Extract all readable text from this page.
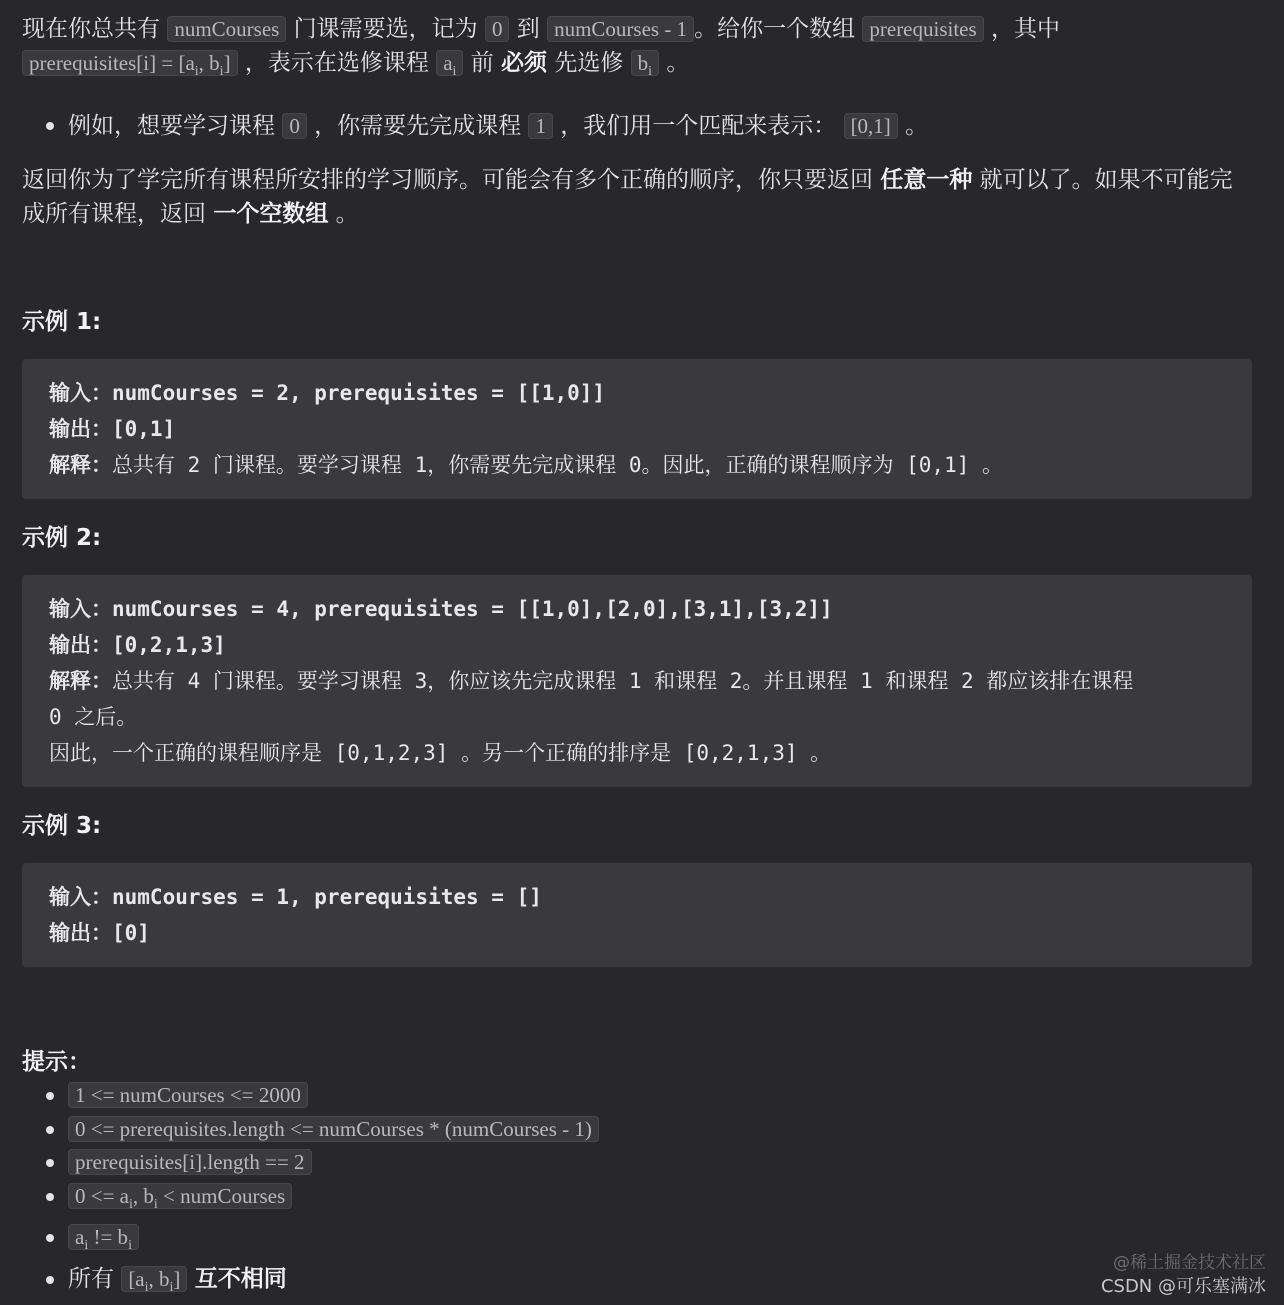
现在你总共有 numCourses 门课需要选，记为 0 到 numCourses - 1 。给你一个数组 prerequisites ，其中
prerequisites[i] = [$a_i$, $b_i$] ，表示在选修课程 $a_i$ 前 必须 先选修 $b_i$ 。

例如，想要学习课程 0 ，你需要先完成课程 1 ，我们用一个匹配来表示： [0,1] 。

返回你为了学完所有课程所安排的学习顺序。可能会有多个正确的顺序，你只要返回 任意一种 就可以了。如果不可能完成所有课程，返回 一个空数组 。

示例 1:
输入：numCourses = 2, prerequisites = [[1,0]]
输出：[0,1]
解释：总共有 2 门课程。要学习课程 1，你需要先完成课程 0。因此，正确的课程顺序为 [0,1] 。
示例 2:
输入：numCourses = 4, prerequisites = [[1,0],[2,0],[3,1],[3,2]]
输出：[0,2,1,3]
解释：总共有 4 门课程。要学习课程 3，你应该先完成课程 1 和课程 2。并且课程 1 和课程 2 都应该排在课程
0 之后。
因此，一个正确的课程顺序是 [0,1,2,3] 。另一个正确的排序是 [0,2,1,3] 。
示例 3:
输入：numCourses = 1, prerequisites = []
输出：[0]
提示：
1 <= numCourses <= 2000
0 <= prerequisites.length <= numCourses * (numCourses - 1)
prerequisites[i].length == 2
$0 <= a_i$, $b_i$ < numCourses
$a_i$ != $b_i$
所有 [$a_i$, $b_i$] 互不相同
@稀土掘金技术社区
CSDN @可乐塞满冰
